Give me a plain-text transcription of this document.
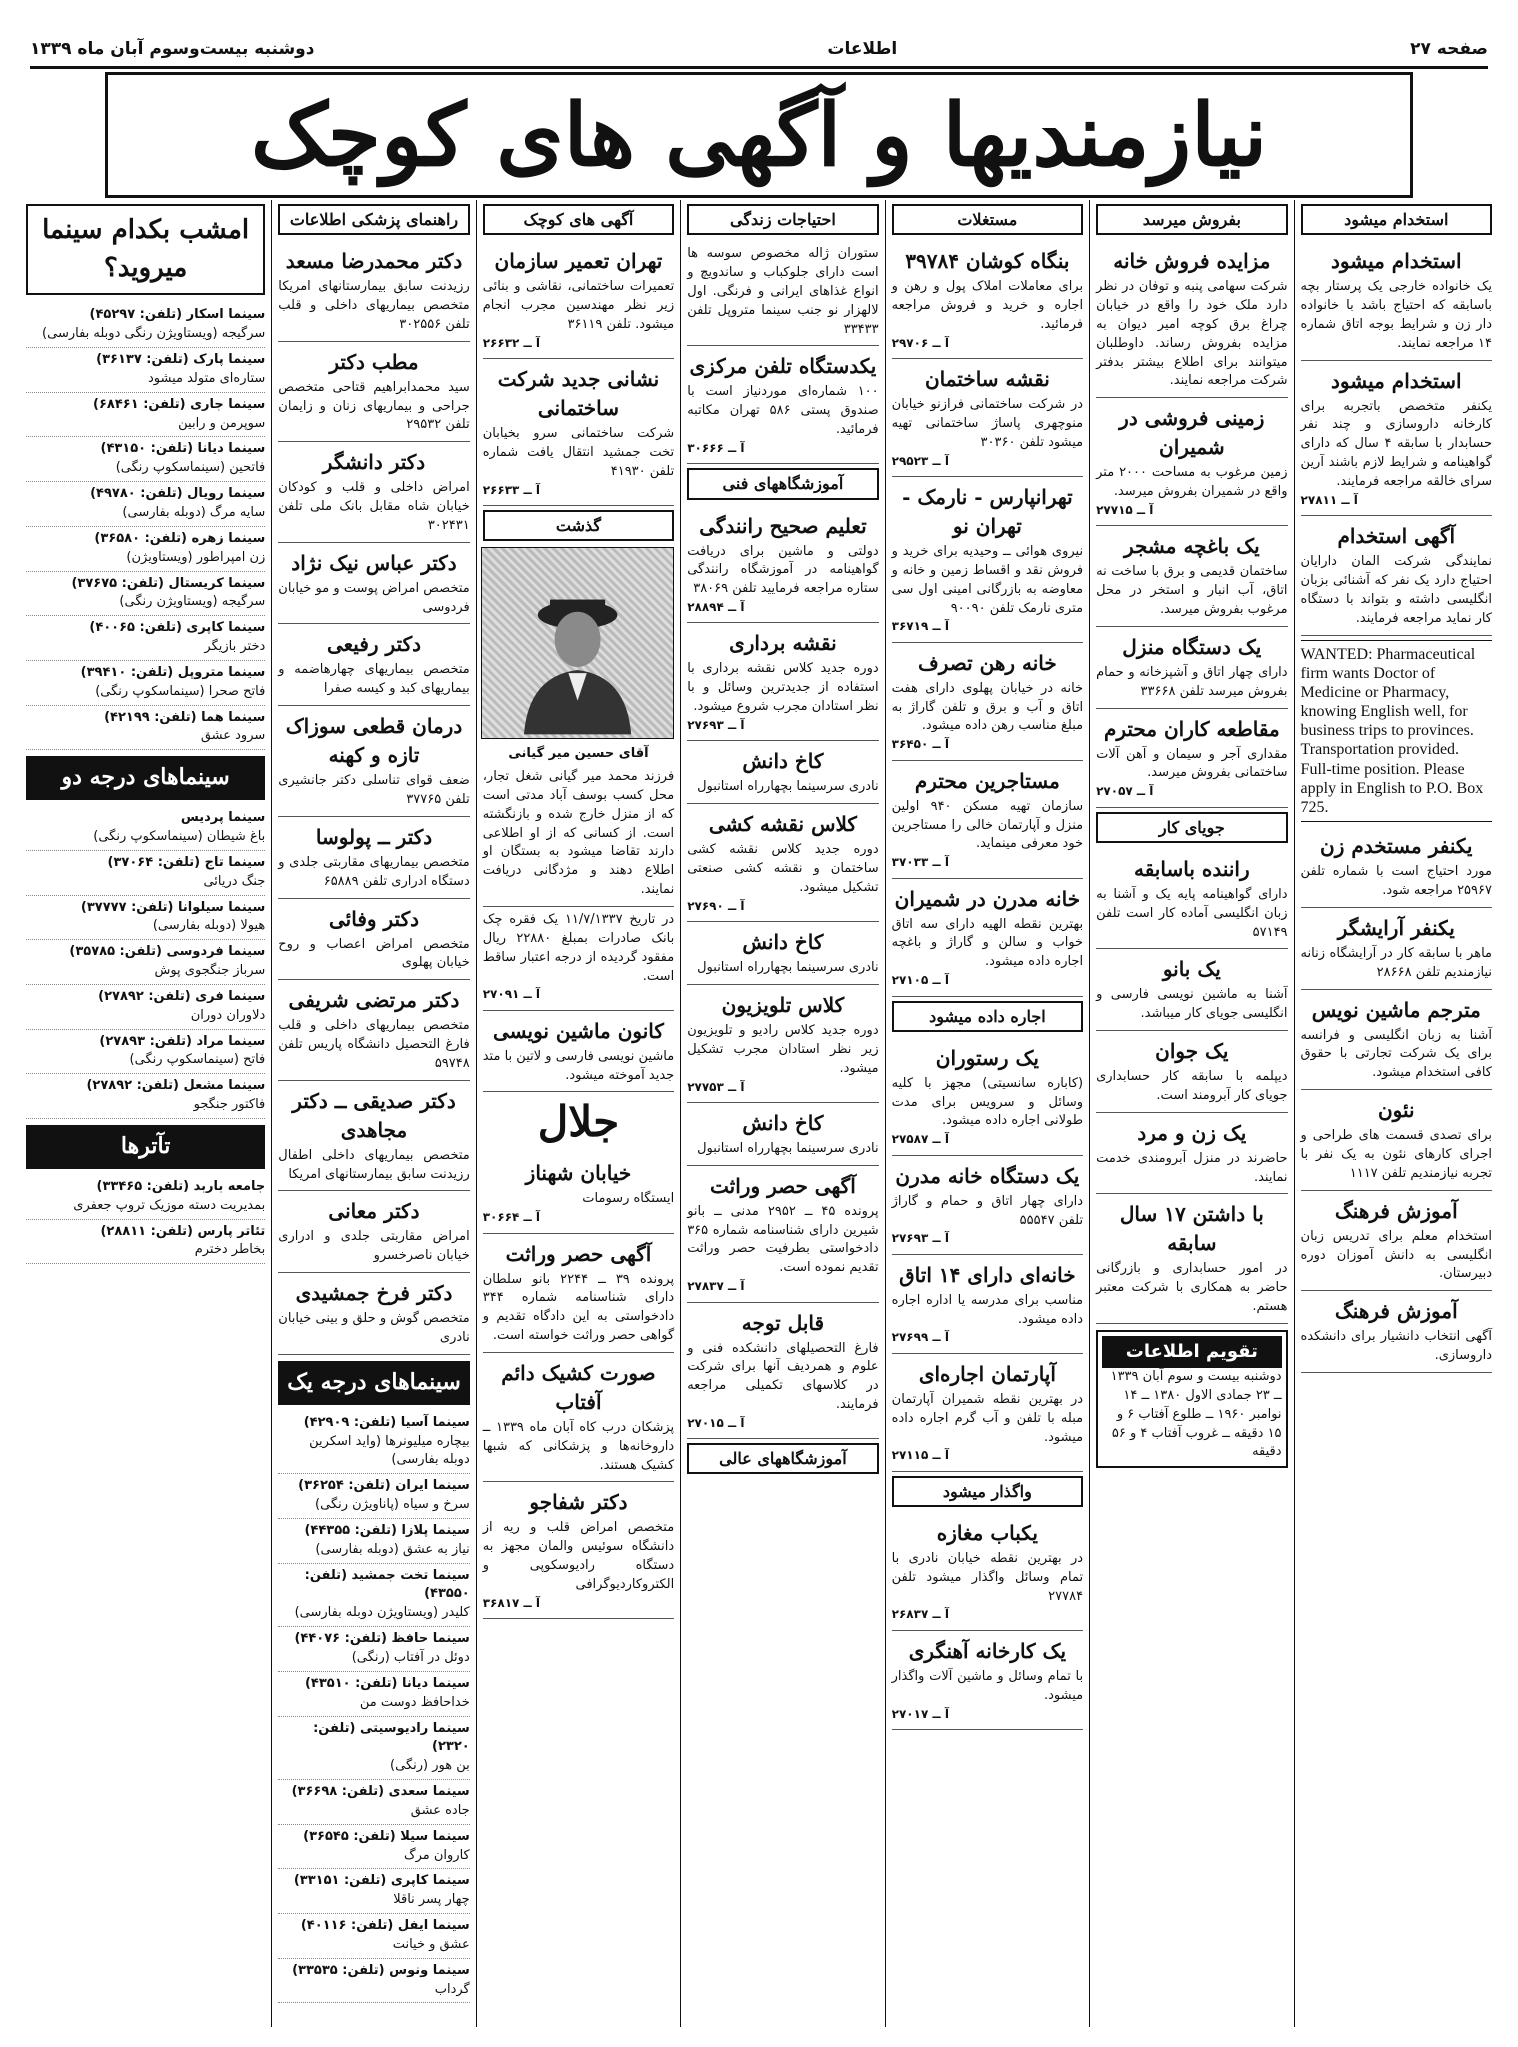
صفحه ۲۷
اطلاعات
دوشنبه بیست‌وسوم آبان ماه ۱۳۳۹
نیازمندیها و آگهی های کوچک
استخدام میشود
استخدام میشود
یک خانواده خارجی یک پرستار بچه باسابقه که احتیاج باشد با خانواده دار زن و شرایط بوجه اتاق شماره ۱۴ مراجعه نمایند.
استخدام میشود
یکنفر متخصص باتجربه برای کارخانه داروسازی و چند نفر حسابدار با سابقه ۴ سال که دارای گواهینامه و شرایط لازم باشند آرین سرای خالقه مراجعه فرمایند.
آ ــ ۲۷۸۱۱
آگهی استخدام
نمایندگی شرکت المان دارایان احتیاج دارد یک نفر که آشنائی بزبان انگلیسی داشته و بتواند با دستگاه کار نماید مراجعه فرمایند.
WANTED: Pharmaceutical firm wants Doctor of Medicine or Pharmacy, knowing English well, for business trips to provinces. Transportation provided. Full-time position. Please apply in English to P.O. Box 725.
یکنفر مستخدم زن
مورد احتیاج است با شماره تلفن ۲۵۹۶۷ مراجعه شود.
یکنفر آرایشگر
ماهر با سابقه کار در آرایشگاه زنانه نیازمندیم تلفن ۲۸۶۶۸
مترجم ماشین نویس
آشنا به زبان انگلیسی و فرانسه برای یک شرکت تجارتی با حقوق کافی استخدام میشود.
نئون
برای تصدی قسمت های طراحی و اجرای کارهای نئون به یک نفر با تجربه نیازمندیم تلفن ۱۱۱۷
آموزش فرهنگ
استخدام معلم برای تدریس زبان انگلیسی به دانش آموزان دوره دبیرستان.
آموزش فرهنگ
آگهی انتخاب دانشیار برای دانشکده داروسازی.
بفروش میرسد
مزایده فروش خانه
شرکت سهامی پنبه و توفان در نظر دارد ملک خود را واقع در خیابان چراغ برق کوچه امیر دیوان به مزایده بفروش رساند. داوطلبان میتوانند برای اطلاع بیشتر بدفتر شرکت مراجعه نمایند.
زمینی فروشی در شمیران
زمین مرغوب به مساحت ۲۰۰۰ متر واقع در شمیران بفروش میرسد.
آ ــ ۲۷۷۱۵
یک باغچه مشجر
ساختمان قدیمی و برق با ساخت نه اتاق، آب انبار و استخر در محل مرغوب بفروش میرسد.
یک دستگاه منزل
دارای چهار اتاق و آشپزخانه و حمام بفروش میرسد تلفن ۳۳۶۶۸
مقاطعه کاران محترم
مقداری آجر و سیمان و آهن آلات ساختمانی بفروش میرسد.
آ ــ ۲۷۰۵۷
جویای کار
راننده باسابقه
دارای گواهینامه پایه یک و آشنا به زبان انگلیسی آماده کار است تلفن ۵۷۱۴۹
یک بانو
آشنا به ماشین نویسی فارسی و انگلیسی جویای کار میباشد.
یک جوان
دیپلمه با سابقه کار حسابداری جویای کار آبرومند است.
یک زن و مرد
حاضرند در منزل آبرومندی خدمت نمایند.
با داشتن ۱۷ سال سابقه
در امور حسابداری و بازرگانی حاضر به همکاری با شرکت معتبر هستم.
تقویم اطلاعات
دوشنبه بیست و سوم آبان ۱۳۳۹ ــ ۲۳ جمادی الاول ۱۳۸۰ ــ ۱۴ نوامبر ۱۹۶۰ ــ طلوع آفتاب ۶ و ۱۵ دقیقه ــ غروب آفتاب ۴ و ۵۶ دقیقه
مستغلات
بنگاه کوشان ۳۹۷۸۴
برای معاملات املاک پول و رهن و اجاره و خرید و فروش مراجعه فرمائید.
آ ــ ۲۹۷۰۶
نقشه ساختمان
در شرکت ساختمانی فرازنو خیابان منوچهری پاساژ ساختمانی تهیه میشود تلفن ۳۰۳۶۰
آ ــ ۲۹۵۲۳
تهرانپارس - نارمک - تهران نو
نیروی هوائی ــ وحیدیه برای خرید و فروش نقد و اقساط زمین و خانه و معاوضه به بازرگانی امینی اول سی متری نارمک تلفن ۹۰۰۹۰
آ ــ ۳۶۷۱۹
خانه رهن تصرف
خانه در خیابان پهلوی دارای هفت اتاق و آب و برق و تلفن گاراژ به مبلغ مناسب رهن داده میشود.
آ ــ ۳۶۴۵۰
مستاجرین محترم
سازمان تهیه مسکن ۹۴۰ اولین منزل و آپارتمان خالی را مستاجرین خود معرفی مینماید.
آ ــ ۳۷۰۳۳
خانه مدرن در شمیران
بهترین نقطه الهیه دارای سه اتاق خواب و سالن و گاراژ و باغچه اجاره داده میشود.
آ ــ ۲۷۱۰۵
اجاره داده میشود
یک رستوران
(کاباره سانسیتی) مجهز با کلیه وسائل و سرویس برای مدت طولانی اجاره داده میشود.
آ ــ ۲۷۵۸۷
یک دستگاه خانه مدرن
دارای چهار اتاق و حمام و گاراژ تلفن ۵۵۵۴۷
آ ــ ۲۷۶۹۳
خانه‌ای دارای ۱۴ اتاق
مناسب برای مدرسه یا اداره اجاره داده میشود.
آ ــ ۲۷۶۹۹
آپارتمان اجاره‌ای
در بهترین نقطه شمیران آپارتمان مبله با تلفن و آب گرم اجاره داده میشود.
آ ــ ۲۷۱۱۵
واگذار میشود
یکباب مغازه
در بهترین نقطه خیابان نادری با تمام وسائل واگذار میشود تلفن ۲۷۷۸۴
آ ــ ۲۶۸۳۷
یک کارخانه آهنگری
با تمام وسائل و ماشین آلات واگذار میشود.
آ ــ ۲۷۰۱۷
احتیاجات زندگی
ستوران ژاله مخصوص سوسه ها است دارای جلوکباب و ساندویچ و انواع غذاهای ایرانی و فرنگی. اول لالهزار نو جنب سینما متروپل تلفن ۳۳۴۳۳
یکدستگاه تلفن مرکزی
۱۰۰ شماره‌ای موردنیاز است با صندوق پستی ۵۸۶ تهران مکاتبه فرمائید.
آ ــ ۳۰۶۶۶
آموزشگاههای فنی
تعلیم صحیح رانندگی
دولتی و ماشین برای دریافت گواهینامه در آموزشگاه رانندگی ستاره مراجعه فرمایید تلفن ۳۸۰۶۹
آ ــ ۲۸۸۹۴
نقشه برداری
دوره جدید کلاس نقشه برداری با استفاده از جدیدترین وسائل و با نظر استادان مجرب شروع میشود.
آ ــ ۲۷۶۹۳
کاخ دانش
نادری سرسینما بچهارراه استانبول
کلاس نقشه کشی
دوره جدید کلاس نقشه کشی ساختمان و نقشه کشی صنعتی تشکیل میشود.
آ ــ ۲۷۶۹۰
کاخ دانش
نادری سرسینما بچهارراه استانبول
کلاس تلویزیون
دوره جدید کلاس رادیو و تلویزیون زیر نظر استادان مجرب تشکیل میشود.
آ ــ ۲۷۷۵۳
کاخ دانش
نادری سرسینما بچهارراه استانبول
آگهی حصر وراثت
پرونده ۴۵ ــ ۲۹۵۲ مدنی ــ بانو شیرین دارای شناسنامه شماره ۳۶۵ دادخواستی بطرفیت حصر وراثت تقدیم نموده است.
آ ــ ۲۷۸۳۷
قابل توجه
فارغ التحصیلهای دانشکده فنی و علوم و همردیف آنها برای شرکت در کلاسهای تکمیلی مراجعه فرمایند.
آ ــ ۲۷۰۱۵
آموزشگاههای عالی
آگهی های کوچک
تهران تعمیر سازمان
تعمیرات ساختمانی، نقاشی و بنائی زیر نظر مهندسین مجرب انجام میشود. تلفن ۳۶۱۱۹
آ ــ ۲۶۶۳۲
نشانی جدید شرکت ساختمانی
شرکت ساختمانی سرو بخیابان تخت جمشید انتقال یافت شماره تلفن ۴۱۹۳۰
آ ــ ۲۶۶۳۳
گذشت
آقای حسین میر گیانی
فرزند محمد میر گیانی شغل تجار، محل کسب بوسف آباد مدتی است که از منزل خارج شده و بازنگشته است. از کسانی که از او اطلاعی دارند تقاضا میشود به بستگان او اطلاع دهند و مژدگانی دریافت نمایند.
در تاریخ ۱۱/۷/۱۳۳۷ یک فقره چک بانک صادرات بمبلغ ۲۲۸۸۰ ریال مفقود گردیده از درجه اعتبار ساقط است.
آ ــ ۲۷۰۹۱
کانون ماشین نویسی
ماشین نویسی فارسی و لاتین با متد جدید آموخته میشود.
جلال
خیابان شهناز
ایستگاه رسومات
آ ــ ۳۰۶۶۴
آگهی حصر وراثت
پرونده ۳۹ ــ ۲۲۴۴ بانو سلطان دارای شناسنامه شماره ۳۴۴ دادخواستی به این دادگاه تقدیم و گواهی حصر وراثت خواسته است.
صورت کشیک دائم آفتاب
پزشکان درب کاه آبان ماه ۱۳۳۹ ــ داروخانه‌ها و پزشکانی که شبها کشیک هستند.
دکتر شفاجو
متخصص امراض قلب و ریه از دانشگاه سوئیس والمان مجهز به دستگاه رادیوسکوپی و الکتروکاردیوگرافی
آ ــ ۳۶۸۱۷
راهنمای پزشکی اطلاعات
دکتر محمدرضا مسعد
رزیدنت سابق بیمارستانهای امریکا متخصص بیماریهای داخلی و قلب تلفن ۳۰۲۵۵۶
مطب دکتر
سید محمدابراهیم قتاحی متخصص جراحی و بیماریهای زنان و زایمان تلفن ۲۹۵۳۲
دکتر دانشگر
امراض داخلی و قلب و کودکان خیابان شاه مقابل بانک ملی تلفن ۳۰۲۴۳۱
دکتر عباس نیک نژاد
متخصص امراض پوست و مو خیابان فردوسی
دکتر رفیعی
متخصص بیماریهای چهارهاضمه و بیماریهای کبد و کیسه صفرا
درمان قطعی سوزاک تازه و کهنه
ضعف قوای تناسلی دکتر جانشیری تلفن ۳۷۷۶۵
دکتر ــ پولوسا
متخصص بیماریهای مقاربتی جلدی و دستگاه ادراری تلفن ۶۵۸۸۹
دکتر وفائی
متخصص امراض اعصاب و روح خیابان پهلوی
دکتر مرتضی شریفی
متخصص بیماریهای داخلی و قلب فارغ التحصیل دانشگاه پاریس تلفن ۵۹۷۴۸
دکتر صدیقی ــ دکتر مجاهدی
متخصص بیماریهای داخلی اطفال رزیدنت سابق بیمارستانهای امریکا
دکتر معانی
امراض مقاربتی جلدی و ادراری خیابان ناصرخسرو
دکتر فرخ جمشیدی
متخصص گوش و حلق و بینی خیابان نادری
سینماهای درجه یک
سینما آسیا (تلفن: ۴۲۹۰۹)
بیچاره میلیونرها (واید اسکرین دوبله بفارسی)
سینما ایران (تلفن: ۳۶۲۵۴)
سرخ و سیاه (پاناویژن رنگی)
سینما پلازا (تلفن: ۴۴۳۵۵)
نیاز به عشق (دوبله بفارسی)
سینما تخت جمشید (تلفن: ۴۳۵۵۰)
کلیدر (ویستاویژن دوبله بفارسی)
سینما حافظ (تلفن: ۴۴۰۷۶)
دوئل در آفتاب (رنگی)
سینما دیانا (تلفن: ۴۳۵۱۰)
خداحافظ دوست من
سینما رادیوسیتی (تلفن: ۲۳۲۰)
بن هور (رنگی)
سینما سعدی (تلفن: ۳۶۶۹۸)
جاده عشق
سینما سیلا (تلفن: ۳۶۵۴۵)
کاروان مرگ
سینما کاپری (تلفن: ۳۳۱۵۱)
چهار پسر ناقلا
سینما ایفل (تلفن: ۴۰۱۱۶)
عشق و خیانت
سینما ونوس (تلفن: ۳۳۵۳۵)
گرداب
امشب بکدام سینما میروید؟
سینما اسکار (تلفن: ۴۵۲۹۷)
سرگیجه (ویستاویژن رنگی دوبله بفارسی)
سینما پارک (تلفن: ۳۶۱۳۷)
ستاره‌ای متولد میشود
سینما جاری (تلفن: ۶۸۴۶۱)
سوپرمن و رابین
سینما دیانا (تلفن: ۴۳۱۵۰)
فاتحین (سینماسکوپ رنگی)
سینما رویال (تلفن: ۴۹۷۸۰)
سایه مرگ (دوبله بفارسی)
سینما زهره (تلفن: ۳۶۵۸۰)
زن امپراطور (ویستاویژن)
سینما کریستال (تلفن: ۳۷۶۷۵)
سرگیجه (ویستاویژن رنگی)
سینما کاپری (تلفن: ۴۰۰۶۵)
دختر بازیگر
سینما متروپل (تلفن: ۳۹۴۱۰)
فاتح صحرا (سینماسکوپ رنگی)
سینما هما (تلفن: ۴۲۱۹۹)
سرود عشق
سینماهای درجه دو
سینما پردیس
باغ شیطان (سینماسکوپ رنگی)
سینما تاج (تلفن: ۳۷۰۶۴)
جنگ دریائی
سینما سیلوانا (تلفن: ۳۷۷۷۷)
هیولا (دوبله بفارسی)
سینما فردوسی (تلفن: ۳۵۷۸۵)
سرباز جنگجوی پوش
سینما فری (تلفن: ۲۷۸۹۲)
دلاوران دوران
سینما مراد (تلفن: ۲۷۸۹۳)
فاتح (سینماسکوپ رنگی)
سینما مشعل (تلفن: ۲۷۸۹۲)
فاکتور جنگجو
تآترها
جامعه باربد (تلفن: ۳۳۴۶۵)
بمدیریت دسته موزیک تروپ جعفری
تئاتر پارس (تلفن: ۲۸۸۱۱)
بخاطر دخترم
